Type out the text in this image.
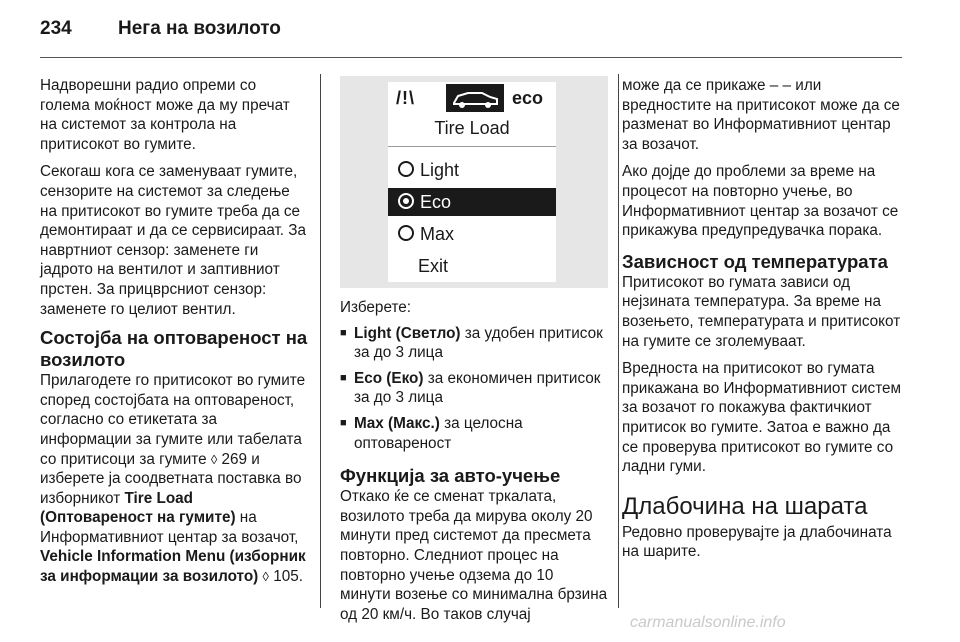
234 Нега на возилото

Надворешни радио опреми со голема моќност може да му пречат на системот за контрола на притисокот во гумите.

Секогаш кога се заменуваат гумите, сензорите на системот за следење на притисокот во гумите треба да се демонтираат и да се сервисираат. За навртниот сензор: заменете ги јадрото на вентилот и заптивниот прстен. За прицврсниот сензор: заменете го целиот вентил.

Состојба на оптовареност на возилото

Прилагодете го притисокот во гумите според состојбата на оптовареност, согласно со етикетата за информации за гумите или табелата со притисоци за гумите ◊ 269 и изберете ја соодветната поставка во изборникот Tire Load (Оптовареност на гумите) на Информативниот центар за возачот, Vehicle Information Menu (изборник за информации за возилото) ◊ 105.

/!\	eco
Tire Load
Light
Eco
Max
Exit

Изберете:

■ Light (Светло) за удобен притисок за до 3 лица
■ Eco (Еко) за економичен притисок за до 3 лица
■ Max (Макс.) за целосна оптовареност
Функција за авто-учење

Откако ќе се сменат тркалата, возилото треба да мирува околу 20 минути пред системот да пресмета повторно. Следниот процес на повторно учење одзема до 10 минути возење со минимална брзина од 20 км/ч. Во таков случај

може да се прикаже – – или вредностите на притисокот може да се разменат во Информативниот центар за возачот.

Ако дојде до проблеми за време на процесот на повторно учење, во Информативниот центар за возачот се прикажува предупредувачка порака.

Зависност од температурата

Притисокот во гумата зависи од нејзината температура. За време на возењето, температурата и притисокот на гумите се зголемуваат.

Вредноста на притисокот во гумата прикажана во Информативниот систем за возачот го покажува фактичкиот притисок во гумите. Затоа е важно да се проверува притисокот во гумите со ладни гуми.

Длабочина на шарата

Редовно проверувајте ја длабочината на шарите.

carmanualsonline.info
